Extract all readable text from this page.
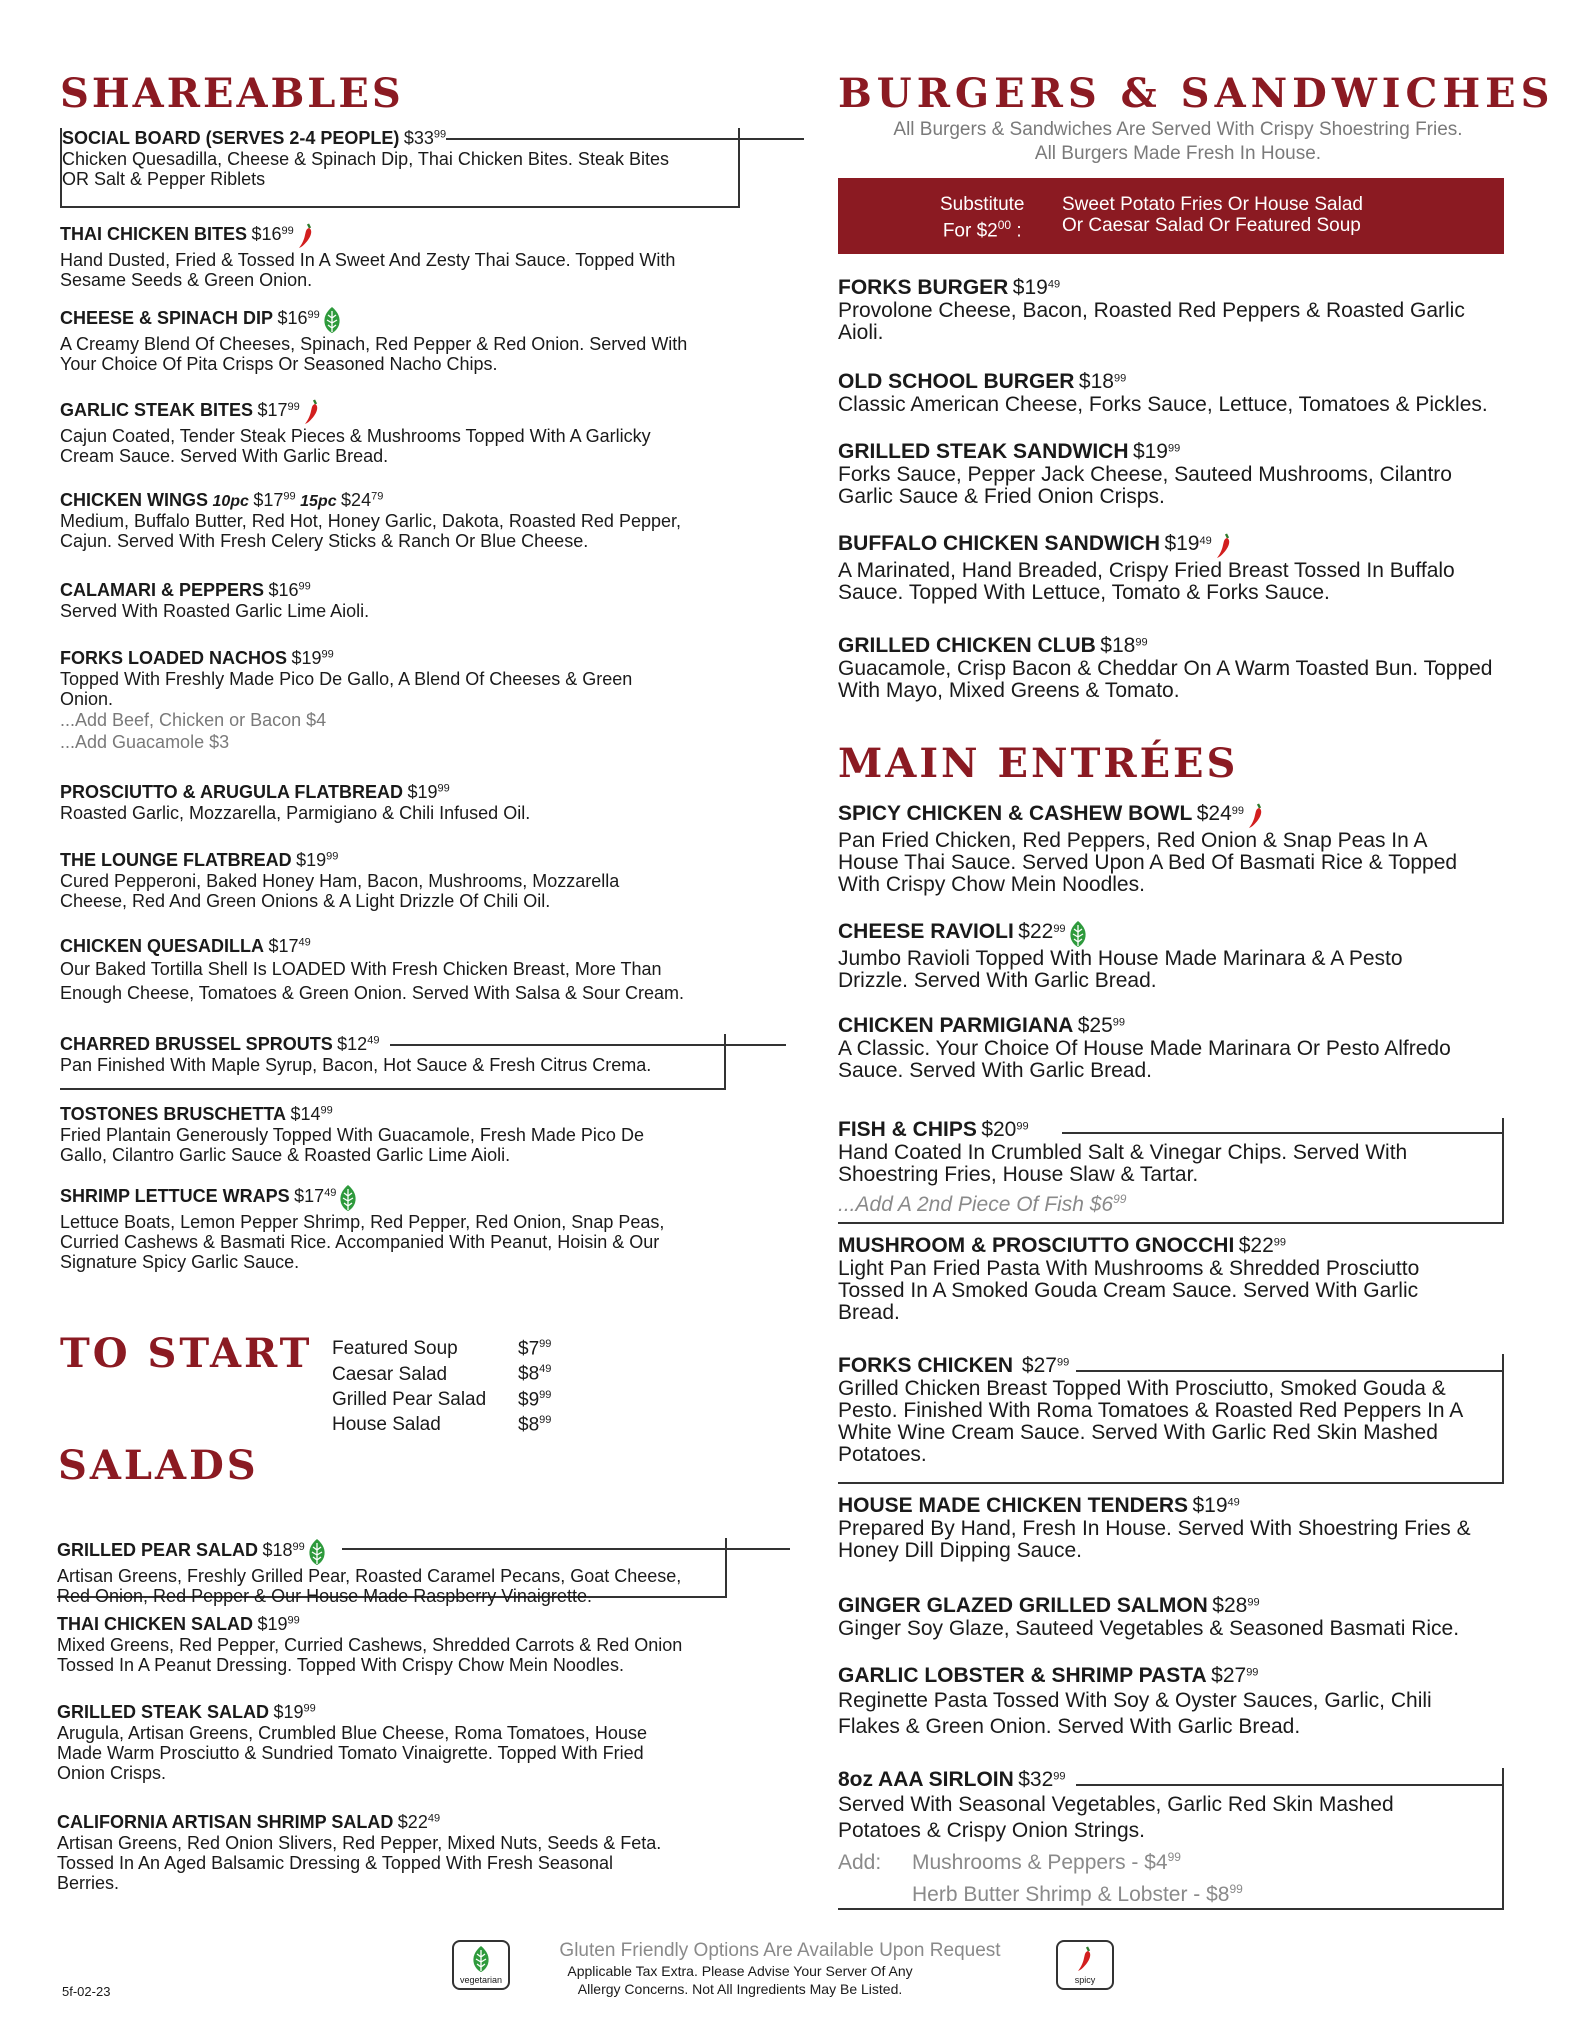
SHAREABLES
SOCIAL BOARD (SERVES 2-4 PEOPLE) $\$33^{99}$
Chicken Quesadilla, Cheese & Spinach Dip, Thai Chicken Bites. Steak Bites
OR Salt & Pepper Riblets
THAI CHICKEN BITES $\$16^{99}$
Hand Dusted, Fried & Tossed In A Sweet And Zesty Thai Sauce. Topped With
Sesame Seeds & Green Onion.
CHEESE & SPINACH DIP $\$16^{99}$
A Creamy Blend Of Cheeses, Spinach, Red Pepper & Red Onion. Served With
Your Choice Of Pita Crisps Or Seasoned Nacho Chips.
GARLIC STEAK BITES $\$17^{99}$
Cajun Coated, Tender Steak Pieces & Mushrooms Topped With A Garlicky
Cream Sauce. Served With Garlic Bread.
CHICKEN WINGS 10pc $\$17^{99}$ 15pc $\$24^{79}$
Medium, Buffalo Butter, Red Hot, Honey Garlic, Dakota, Roasted Red Pepper,
Cajun. Served With Fresh Celery Sticks & Ranch Or Blue Cheese.
CALAMARI & PEPPERS $\$16^{99}$
Served With Roasted Garlic Lime Aioli.
FORKS LOADED NACHOS $\$19^{99}$
Topped With Freshly Made Pico De Gallo, A Blend Of Cheeses & Green
Onion.
...Add Beef, Chicken or Bacon $4
...Add Guacamole $3
PROSCIUTTO & ARUGULA FLATBREAD $\$19^{99}$
Roasted Garlic, Mozzarella, Parmigiano & Chili Infused Oil.
THE LOUNGE FLATBREAD $\$19^{99}$
Cured Pepperoni, Baked Honey Ham, Bacon, Mushrooms, Mozzarella
Cheese, Red And Green Onions & A Light Drizzle Of Chili Oil.
CHICKEN QUESADILLA $\$17^{49}$
Our Baked Tortilla Shell Is LOADED With Fresh Chicken Breast, More Than
Enough Cheese, Tomatoes & Green Onion. Served With Salsa & Sour Cream.
CHARRED BRUSSEL SPROUTS $\$12^{49}$
Pan Finished With Maple Syrup, Bacon, Hot Sauce & Fresh Citrus Crema.
TOSTONES BRUSCHETTA $\$14^{99}$
Fried Plantain Generously Topped With Guacamole, Fresh Made Pico De
Gallo, Cilantro Garlic Sauce & Roasted Garlic Lime Aioli.
SHRIMP LETTUCE WRAPS $\$17^{49}$
Lettuce Boats, Lemon Pepper Shrimp, Red Pepper, Red Onion, Snap Peas,
Curried Cashews & Basmati Rice. Accompanied With Peanut, Hoisin & Our
Signature Spicy Garlic Sauce.
TO START Featured Soup	$\$7^{99}$
Caesar Salad	$\$8^{49}$
Grilled Pear Salad $\$9^{99}$
House Salad	$\$8^{99}$
SALADS
GRILLED PEAR SALAD $\$18^{99}$
Artisan Greens, Freshly Grilled Pear, Roasted Caramel Pecans, Goat Cheese,
Red Onion, Red Pepper & Our House Made Raspberry Vinaigrette.
THAI CHICKEN SALAD $\$19^{99}$
Mixed Greens, Red Pepper, Curried Cashews, Shredded Carrots & Red Onion
Tossed In A Peanut Dressing. Topped With Crispy Chow Mein Noodles.
GRILLED STEAK SALAD $\$19^{99}$
Arugula, Artisan Greens, Crumbled Blue Cheese, Roma Tomatoes, House
Made Warm Prosciutto & Sundried Tomato Vinaigrette. Topped With Fried
Onion Crisps.
CALIFORNIA ARTISAN SHRIMP SALAD $\$22^{49}$
Artisan Greens, Red Onion Slivers, Red Pepper, Mixed Nuts, Seeds & Feta.
Tossed In An Aged Balsamic Dressing & Topped With Fresh Seasonal
Berries.
BURGERS & SANDWICHES
All Burgers & Sandwiches Are Served With Crispy Shoestring Fries.
All Burgers Made Fresh In House.
Substitute
For $\$2^{00}$ :
Sweet Potato Fries Or House Salad
Or Caesar Salad Or Featured Soup
FORKS BURGER $\$19^{49}$
Provolone Cheese, Bacon, Roasted Red Peppers & Roasted Garlic
Aioli.
OLD SCHOOL BURGER $\$18^{99}$
Classic American Cheese, Forks Sauce, Lettuce, Tomatoes & Pickles.
GRILLED STEAK SANDWICH $\$19^{99}$
Forks Sauce, Pepper Jack Cheese, Sauteed Mushrooms, Cilantro
Garlic Sauce & Fried Onion Crisps.
BUFFALO CHICKEN SANDWICH $\$19^{49}$
A Marinated, Hand Breaded, Crispy Fried Breast Tossed In Buffalo
Sauce. Topped With Lettuce, Tomato & Forks Sauce.
GRILLED CHICKEN CLUB $\$18^{99}$
Guacamole, Crisp Bacon & Cheddar On A Warm Toasted Bun. Topped
With Mayo, Mixed Greens & Tomato.
MAIN ENTRÉES
SPICY CHICKEN & CASHEW BOWL $\$24^{99}$
Pan Fried Chicken, Red Peppers, Red Onion & Snap Peas In A
House Thai Sauce. Served Upon A Bed Of Basmati Rice & Topped
With Crispy Chow Mein Noodles.
CHEESE RAVIOLI $\$22^{99}$
Jumbo Ravioli Topped With House Made Marinara & A Pesto
Drizzle. Served With Garlic Bread.
CHICKEN PARMIGIANA $\$25^{99}$
A Classic. Your Choice Of House Made Marinara Or Pesto Alfredo
Sauce. Served With Garlic Bread.
FISH & CHIPS $\$20^{99}$
Hand Coated In Crumbled Salt & Vinegar Chips. Served With
Shoestring Fries, House Slaw & Tartar.
...Add A 2nd Piece Of Fish $\$6^{99}$
MUSHROOM & PROSCIUTTO GNOCCHI $\$22^{99}$
Light Pan Fried Pasta With Mushrooms & Shredded Prosciutto
Tossed In A Smoked Gouda Cream Sauce. Served With Garlic
Bread.
FORKS CHICKEN $\$27^{99}$
Grilled Chicken Breast Topped With Prosciutto, Smoked Gouda &
Pesto. Finished With Roma Tomatoes & Roasted Red Peppers In A
White Wine Cream Sauce. Served With Garlic Red Skin Mashed
Potatoes.
HOUSE MADE CHICKEN TENDERS $\$19^{49}$
Prepared By Hand, Fresh In House. Served With Shoestring Fries &
Honey Dill Dipping Sauce.
GINGER GLAZED GRILLED SALMON $\$28^{99}$
Ginger Soy Glaze, Sauteed Vegetables & Seasoned Basmati Rice.
GARLIC LOBSTER & SHRIMP PASTA $\$27^{99}$
Reginette Pasta Tossed With Soy & Oyster Sauces, Garlic, Chili
Flakes & Green Onion. Served With Garlic Bread.
8oz AAA SIRLOIN $\$32^{99}$
Served With Seasonal Vegetables, Garlic Red Skin Mashed
Potatoes & Crispy Onion Strings.
Add: Mushrooms & Peppers - $\$4^{99}$
Herb Butter Shrimp & Lobster - $\$8^{99}$
vegetarian
Gluten Friendly Options Are Available Upon Request
Applicable Tax Extra. Please Advise Your Server Of Any
Allergy Concerns. Not All Ingredients May Be Listed.
spicy
5f-02-23
